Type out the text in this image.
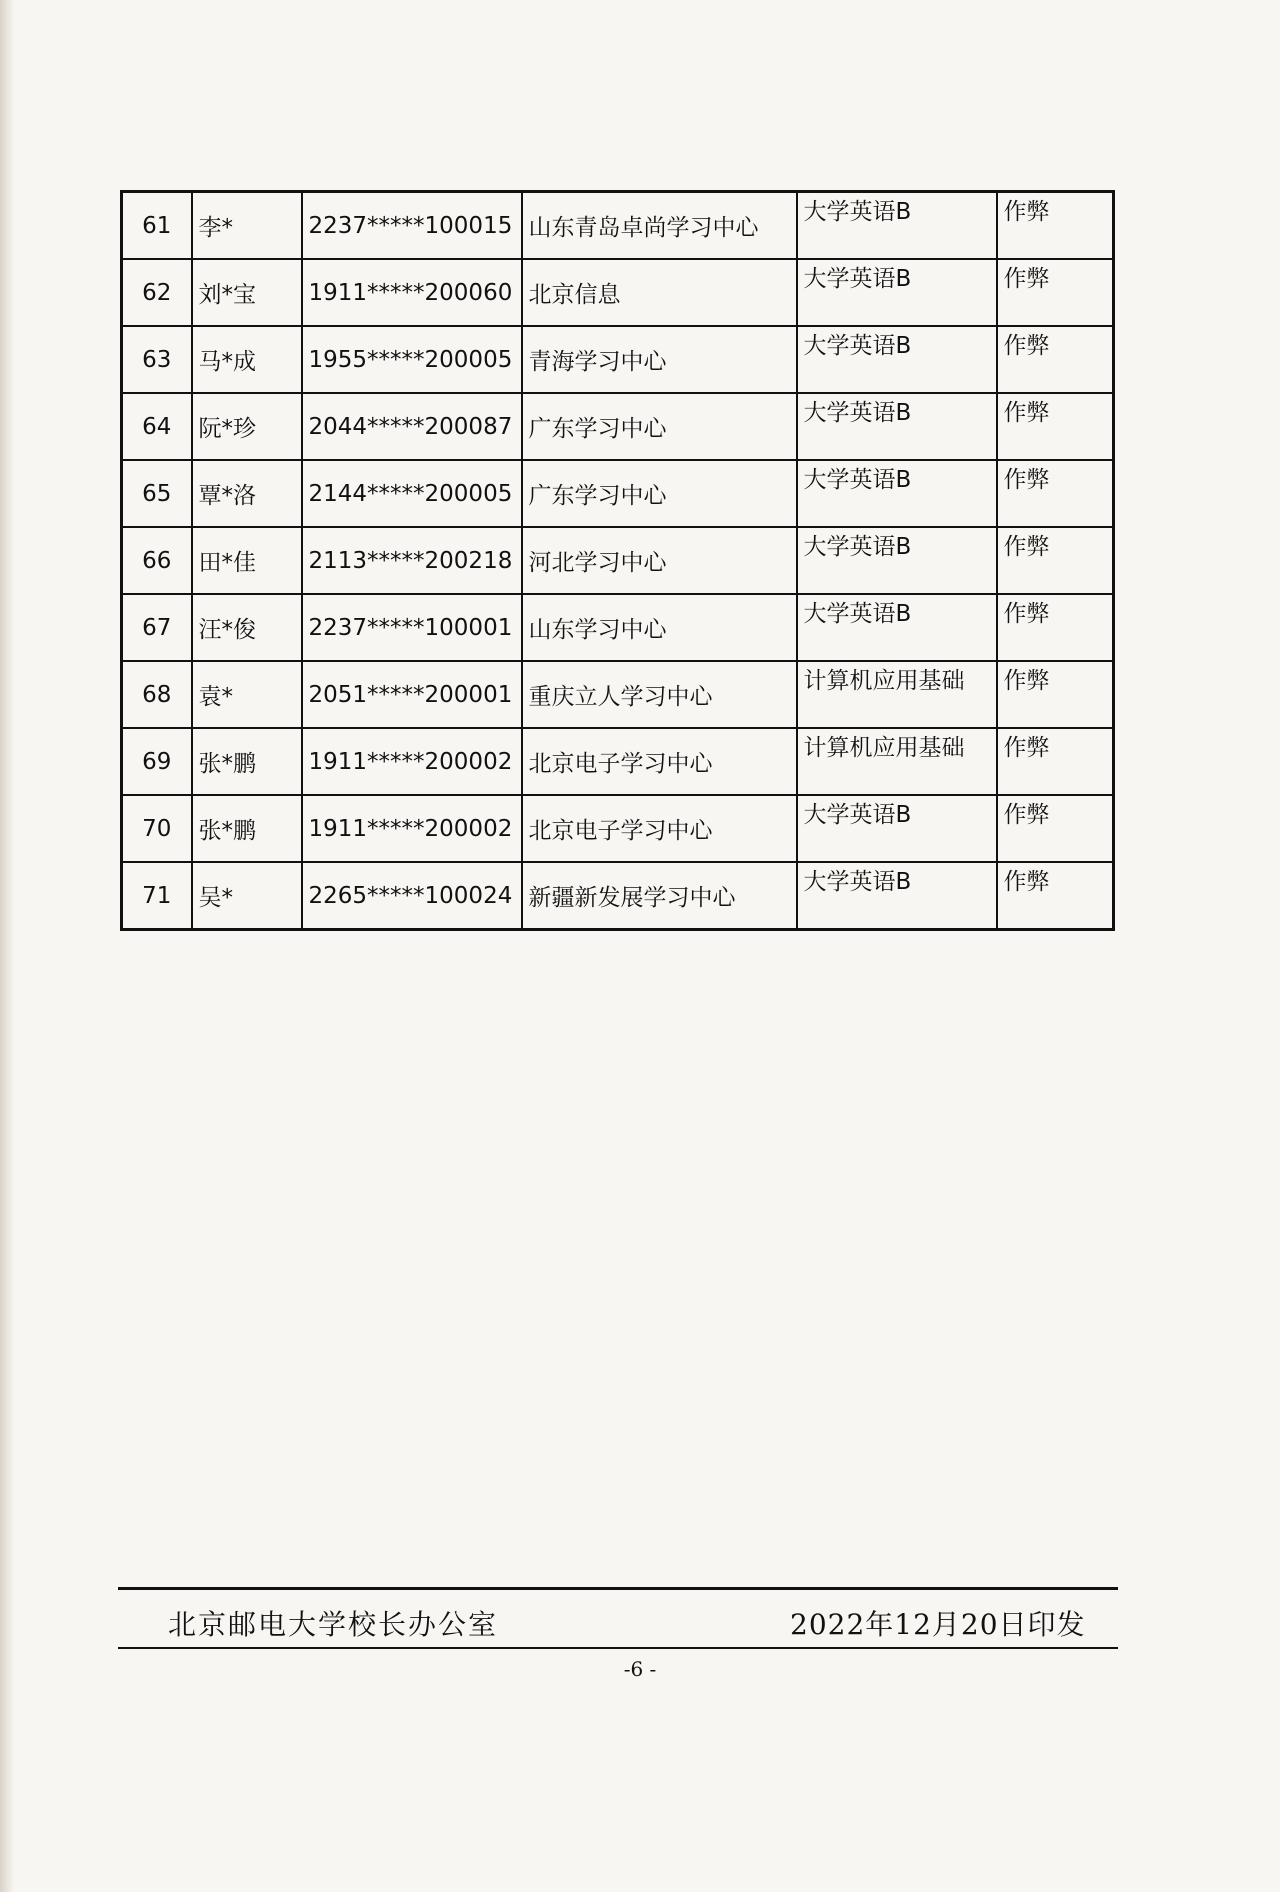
61	李*	2237*****100015	山东青岛卓尚学习中心	大学英语B	作弊
62	刘*宝	1911*****200060	北京信息	大学英语B	作弊
63	马*成	1955*****200005	青海学习中心	大学英语B	作弊
64	阮*珍	2044*****200087	广东学习中心	大学英语B	作弊
65	覃*洛	2144*****200005	广东学习中心	大学英语B	作弊
66	田*佳	2113*****200218	河北学习中心	大学英语B	作弊
67	汪*俊	2237*****100001	山东学习中心	大学英语B	作弊
68	袁*	2051*****200001	重庆立人学习中心	计算机应用基础	作弊
69	张*鹏	1911*****200002	北京电子学习中心	计算机应用基础	作弊
70	张*鹏	1911*****200002	北京电子学习中心	大学英语B	作弊
71	吴*	2265*****100024	新疆新发展学习中心	大学英语B	作弊
北京邮电大学校长办公室	2022年12月20日印发
-6 -
